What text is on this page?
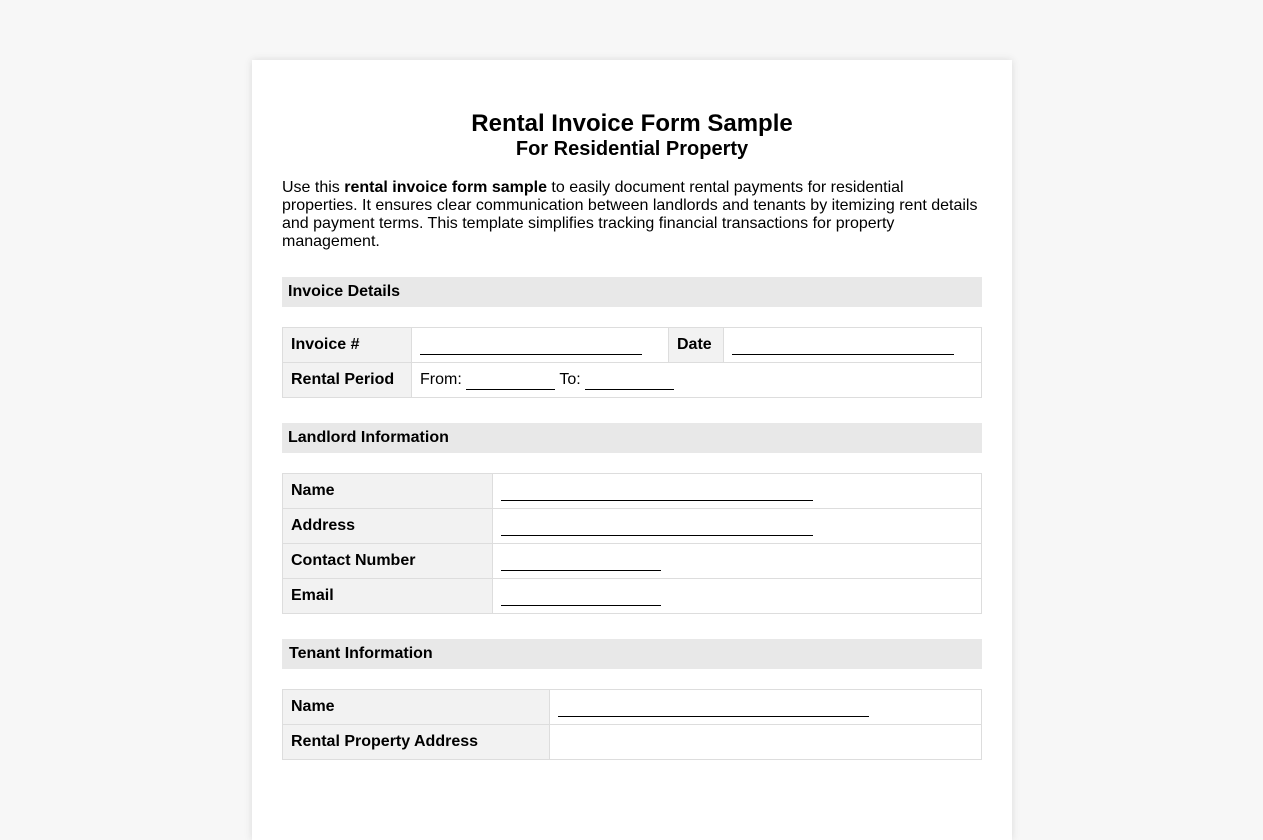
Rental Invoice Form Sample
For Residential Property

Use this rental invoice form sample to easily document rental payments for residential properties. It ensures clear communication between landlords and tenants by itemizing rent details and payment terms. This template simplifies tracking financial transactions for property management.

Invoice Details
Invoice #		Date	
Rental Period	From: To:		
Landlord Information
Name	
Address	
Contact Number	
Email	
Tenant Information
Name	
Rental Property Address	
